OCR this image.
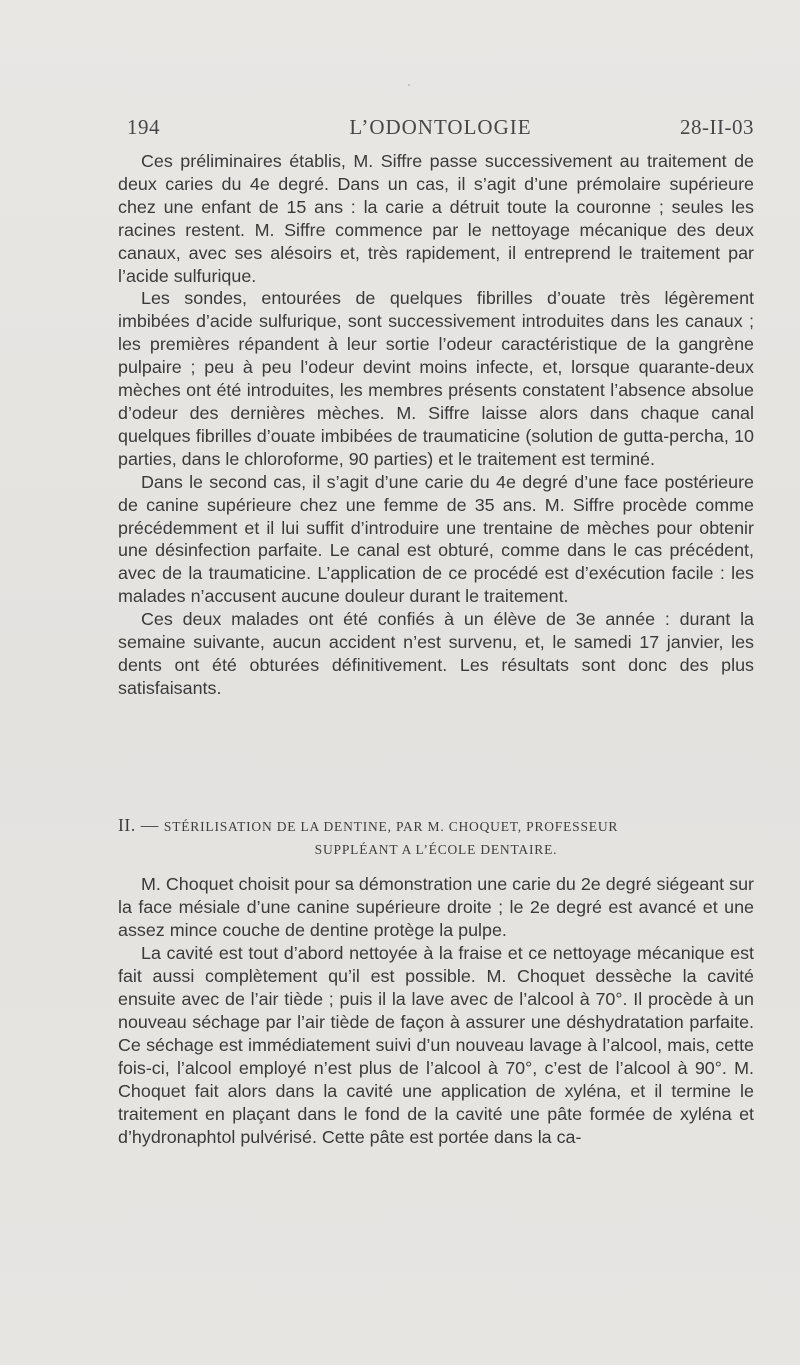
194	L’ODONTOLOGIE	28-II-03

Ces préliminaires établis, M. Siffre passe successivement au traitement de deux caries du 4e degré. Dans un cas, il s’agit d’une prémolaire supérieure chez une enfant de 15 ans : la carie a détruit toute la couronne ; seules les racines restent. M. Siffre commence par le nettoyage mécanique des deux canaux, avec ses alésoirs et, très rapidement, il entreprend le traitement par l’acide sulfurique.

Les sondes, entourées de quelques fibrilles d’ouate très légèrement imbibées d’acide sulfurique, sont successivement introduites dans les canaux ; les premières répandent à leur sortie l’odeur caractéristique de la gangrène pulpaire ; peu à peu l’odeur devint moins infecte, et, lorsque quarante-deux mèches ont été introduites, les membres présents constatent l’absence absolue d’odeur des dernières mèches. M. Siffre laisse alors dans chaque canal quelques fibrilles d’ouate imbibées de traumaticine (solution de gutta-percha, 10 parties, dans le chloroforme, 90 parties) et le traitement est terminé.

Dans le second cas, il s’agit d’une carie du 4e degré d’une face postérieure de canine supérieure chez une femme de 35 ans. M. Siffre procède comme précédemment et il lui suffit d’introduire une trentaine de mèches pour obtenir une désinfection parfaite. Le canal est obturé, comme dans le cas précédent, avec de la traumaticine. L’application de ce procédé est d’exécution facile : les malades n’accusent aucune douleur durant le traitement.

Ces deux malades ont été confiés à un élève de 3e année : durant la semaine suivante, aucun accident n’est survenu, et, le samedi 17 janvier, les dents ont été obturées définitivement. Les résultats sont donc des plus satisfaisants.

II. — STÉRILISATION DE LA DENTINE, PAR M. CHOQUET, PROFESSEUR
SUPPLÉANT A L’ÉCOLE DENTAIRE.

M. Choquet choisit pour sa démonstration une carie du 2e degré siégeant sur la face mésiale d’une canine supérieure droite ; le 2e degré est avancé et une assez mince couche de dentine protège la pulpe.

La cavité est tout d’abord nettoyée à la fraise et ce nettoyage mécanique est fait aussi complètement qu’il est possible. M. Choquet dessèche la cavité ensuite avec de l’air tiède ; puis il la lave avec de l’alcool à 70°. Il procède à un nouveau séchage par l’air tiède de façon à assurer une déshydratation parfaite. Ce séchage est immédiatement suivi d’un nouveau lavage à l’alcool, mais, cette fois-ci, l’alcool employé n’est plus de l’alcool à 70°, c’est de l’alcool à 90°. M. Choquet fait alors dans la cavité une application de xyléna, et il termine le traitement en plaçant dans le fond de la cavité une pâte formée de xyléna et d’hydronaphtol pulvérisé. Cette pâte est portée dans la ca-
